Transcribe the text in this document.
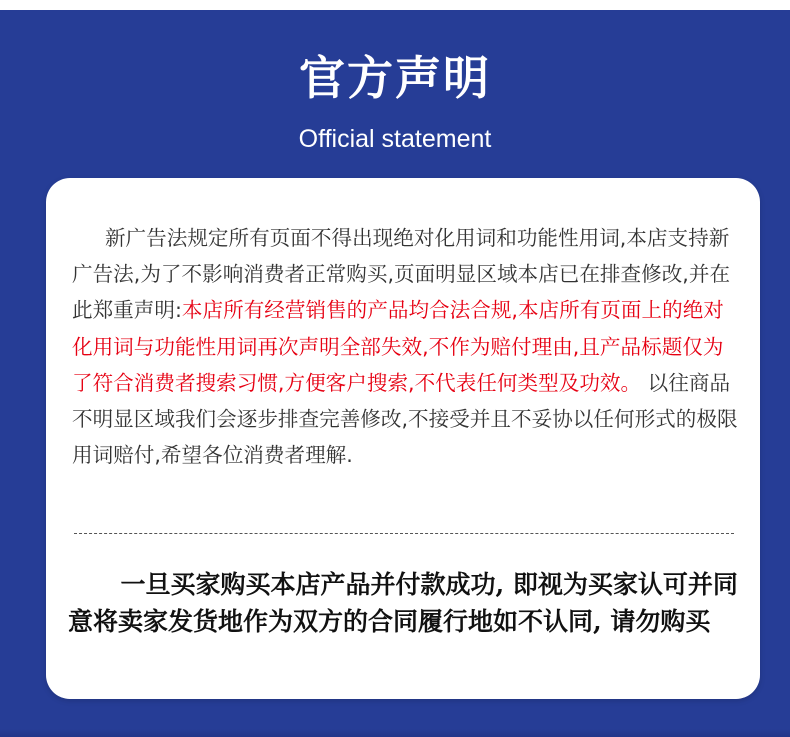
官方声明
Official statement

新广告法规定所有页面不得出现绝对化用词和功能性用词,本店支持新广告法,为了不影响消费者正常购买,页面明显区域本店已在排查修改,并在此郑重声明:本店所有经营销售的产品均合法合规,本店所有页面上的绝对化用词与功能性用词再次声明全部失效,不作为赔付理由,且产品标题仅为了符合消费者搜索习惯,方便客户搜索,不代表任何类型及功效。 以往商品不明显区域我们会逐步排查完善修改,不接受并且不妥协以任何形式的极限用词赔付,希望各位消费者理解.

一旦买家购买本店产品并付款成功, 即视为买家认可并同意将卖家发货地作为双方的合同履行地如不认同, 请勿购买
